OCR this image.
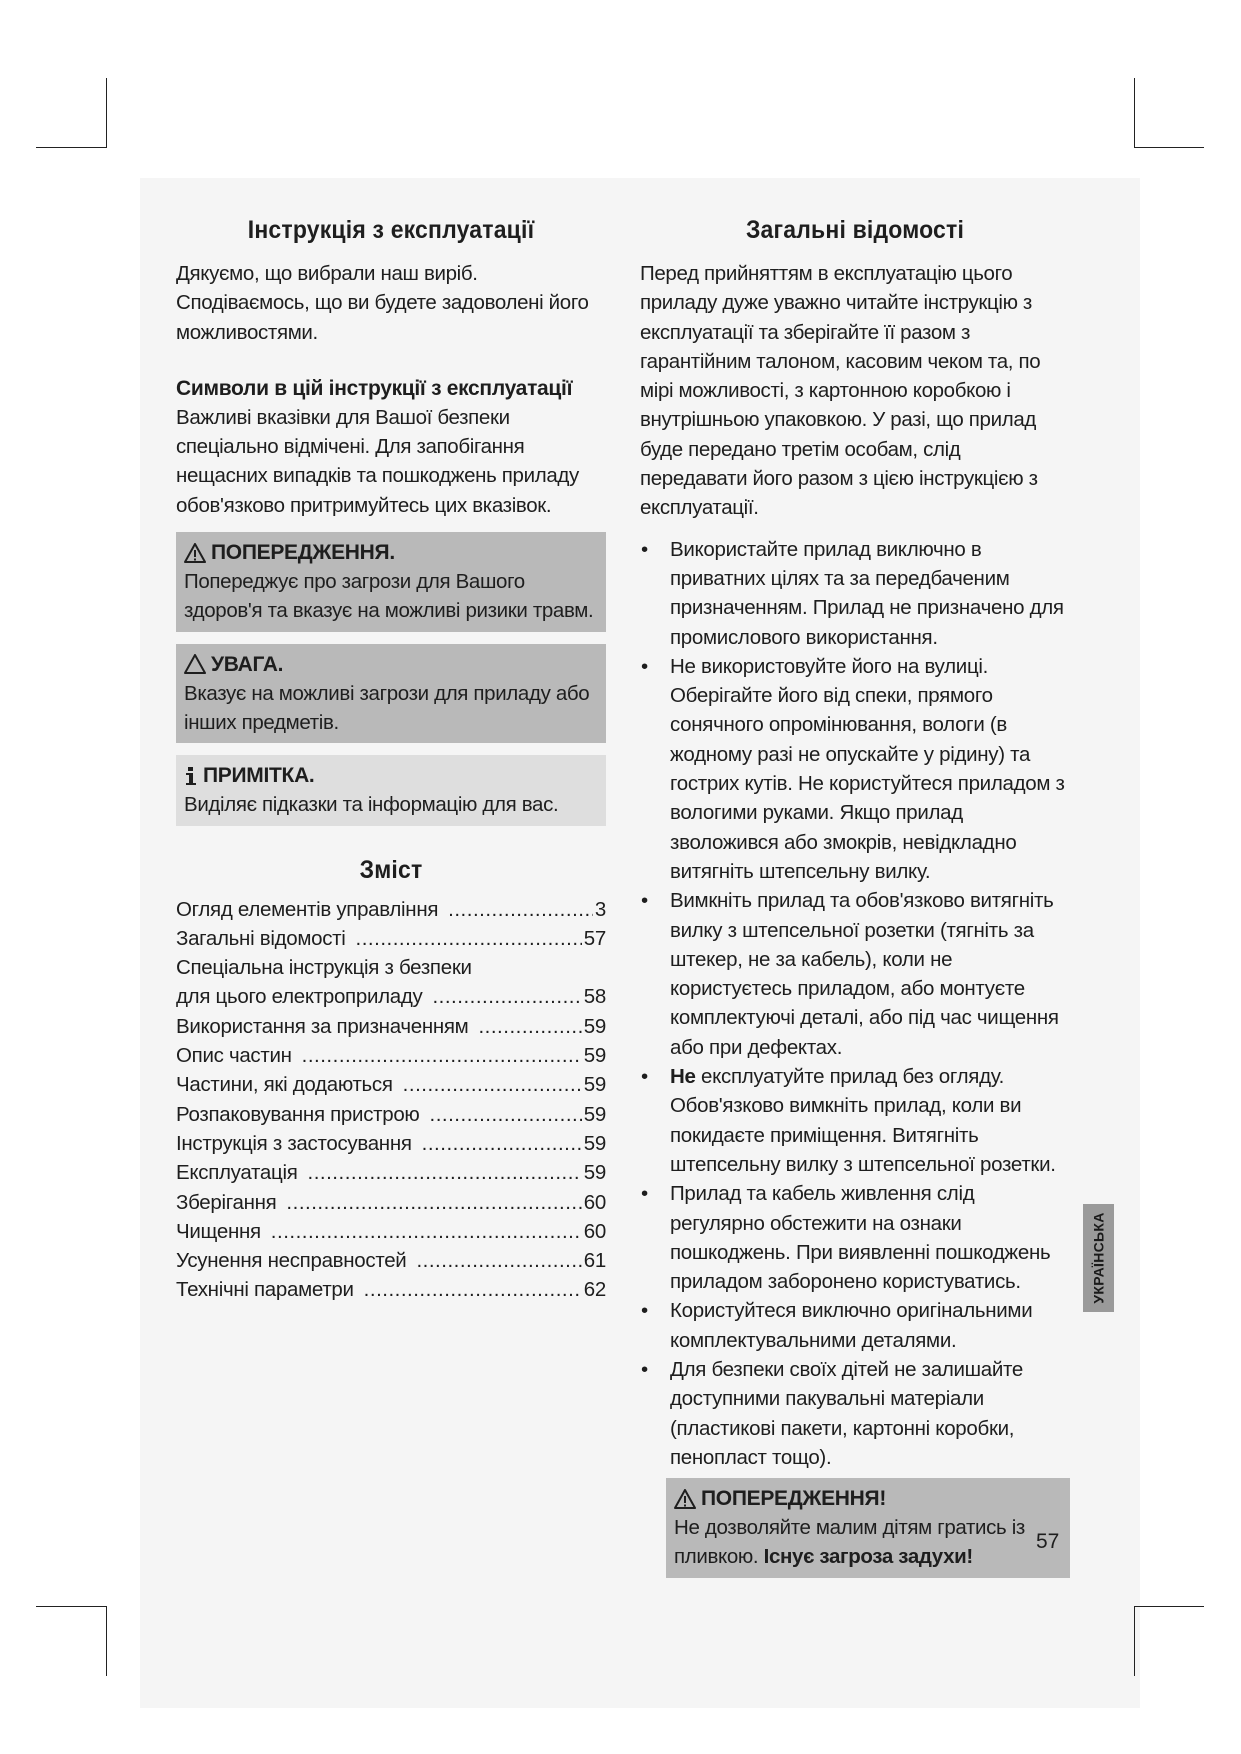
Інструкція з експлуатації

Дякуємо, що вибрали наш виріб. Сподіваємось, що ви будете задоволені його можливостями.

Символи в цій інструкції з експлуатації

Важливі вказівки для Вашої безпеки спеціально відмічені. Для запобігання нещасних випадків та пошкоджень приладу обов'язково притримуйтесь цих вказівок.

ПОПЕРЕДЖЕННЯ.

Попереджує про загрози для Вашого здоров'я та вказує на можливі ризики травм.

УВАГА.

Вказує на можливі загрози для приладу або інших предметів.

ПРИМІТКА.

Виділяє підказки та інформацію для вас.

Зміст
Огляд елементів управління .....	3
Загальні відомості .....	57
Спеціальна інструкція з безпеки
для цього електроприладу .....	58
Використання за призначенням .....	59
Опис частин .....	59
Частини, які додаються .....	59
Розпаковування пристрою .....	59
Інструкція з застосування .....	59
Експлуатація .....	59
Зберігання .....	60
Чищення .....	60
Усунення несправностей .....	61
Технічні параметри .....	62
Загальні відомості

Перед прийняттям в експлуатацію цього приладу дуже уважно читайте інструкцію з експлуатації та зберігайте її разом з гарантійним талоном, касовим чеком та, по мірі можливості, з картонною коробкою і внутрішньою упаковкою. У разі, що прилад буде передано третім особам, слід передавати його разом з цією інструкцією з експлуатації.

• Використайте прилад виключно в приватних цілях та за передбаченим призначенням. Прилад не призначено для промислового використання.
• Не використовуйте його на вулиці. Оберігайте його від спеки, прямого сонячного опромінювання, вологи (в жодному разі не опускайте у рідину) та гострих кутів. Не користуйтеся приладом з вологими руками. Якщо прилад зволожився або змокрів, невідкладно витягніть штепсельну вилку.
• Вимкніть прилад та обов'язково витягніть вилку з штепсельної розетки (тягніть за штекер, не за кабель), коли не користуєтесь приладом, або монтуєте комплектуючі деталі, або під час чищення або при дефектах.
• Не експлуатуйте прилад без огляду. Обов'язково вимкніть прилад, коли ви покидаєте приміщення. Витягніть штепсельну вилку з штепсельної розетки.
• Прилад та кабель живлення слід регулярно обстежити на ознаки пошкоджень. При виявленні пошкоджень приладом заборонено користуватись.
• Користуйтеся виключно оригінальними комплектувальними деталями.
• Для безпеки своїх дітей не залишайте доступними пакувальні матеріали (пластикові пакети, картонні коробки, пенопласт тощо).
ПОПЕРЕДЖЕННЯ!

Не дозволяйте малим дітям гратись із пливкою. Існує загроза задухи!

УКРАЇНСЬКА
57
